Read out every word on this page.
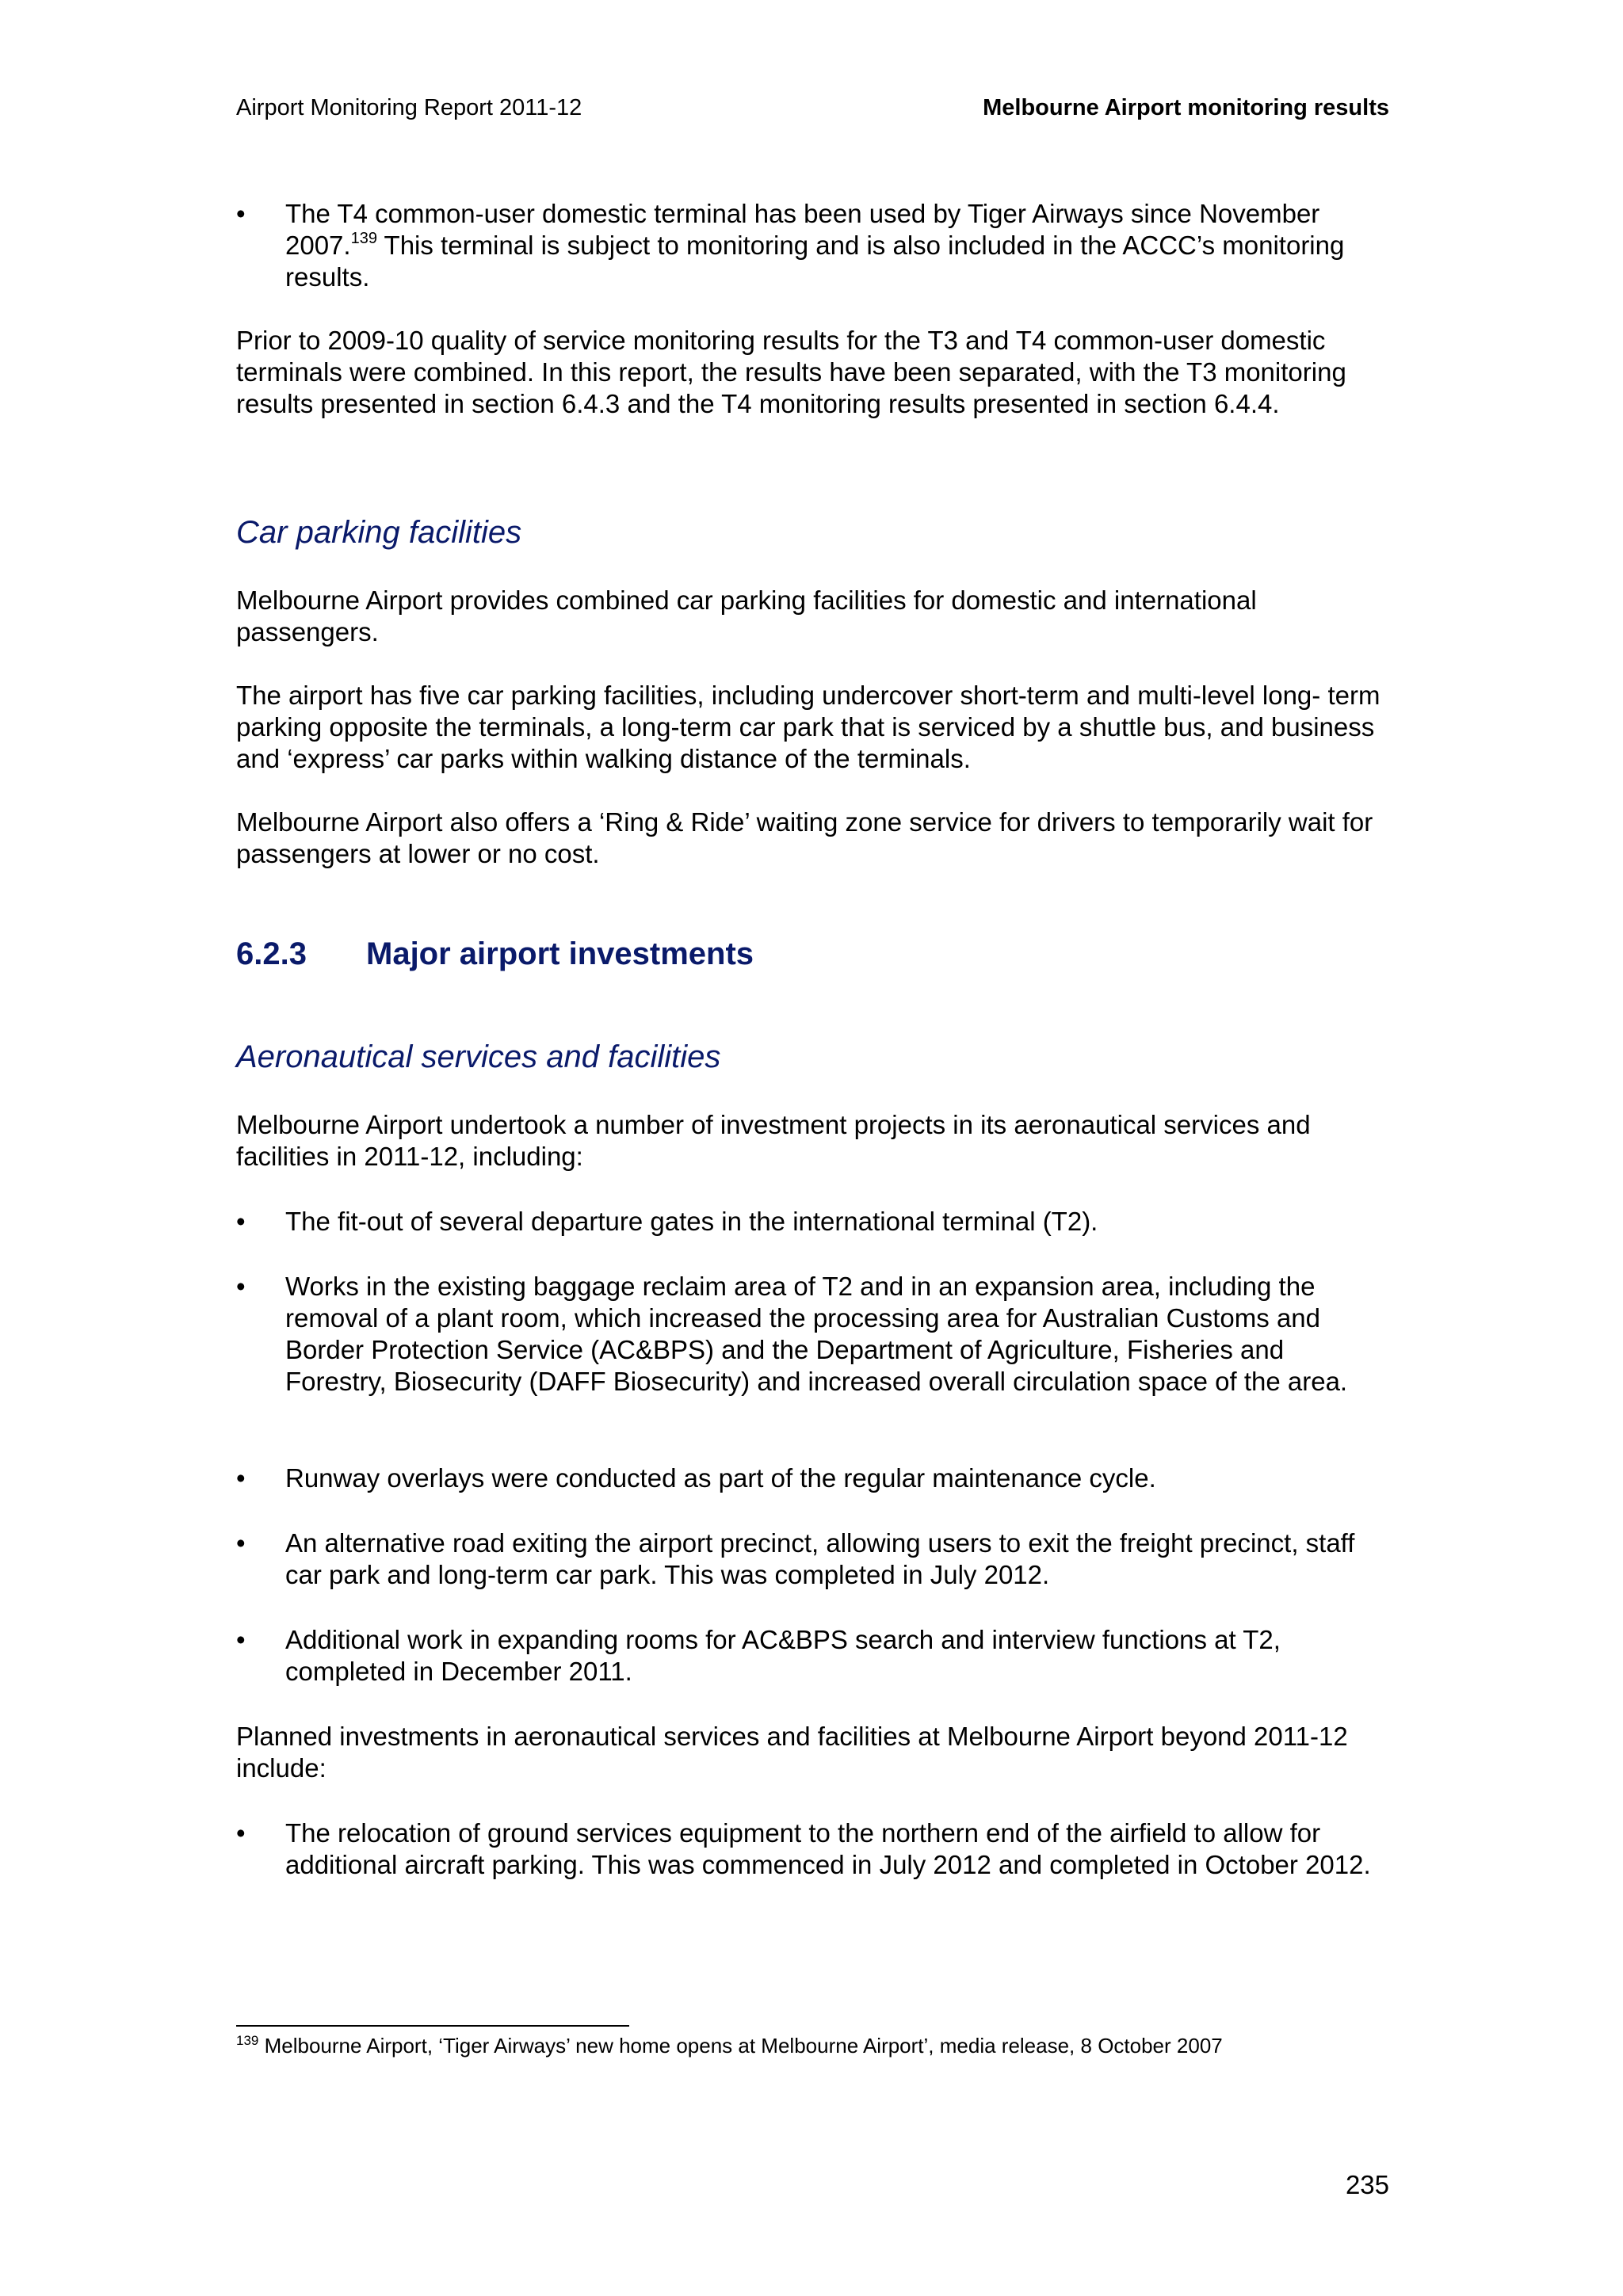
Airport Monitoring Report 2011-12	Melbourne Airport monitoring results
•	The T4 common-user domestic terminal has been used by Tiger Airways since November 2007.$^{139}$ This terminal is subject to monitoring and is also included in the ACCC’s monitoring results.

Prior to 2009-10 quality of service monitoring results for the T3 and T4 common-user domestic terminals were combined. In this report, the results have been separated, with the T3 monitoring results presented in section 6.4.3 and the T4 monitoring results presented in section 6.4.4.

Car parking facilities

Melbourne Airport provides combined car parking facilities for domestic and international passengers.

The airport has five car parking facilities, including undercover short-term and multi-level long- term parking opposite the terminals, a long-term car park that is serviced by a shuttle bus, and business and ‘express’ car parks within walking distance of the terminals.

Melbourne Airport also offers a ‘Ring & Ride’ waiting zone service for drivers to temporarily wait for passengers at lower or no cost.

6.2.3 Major airport investments
Aeronautical services and facilities

Melbourne Airport undertook a number of investment projects in its aeronautical services and facilities in 2011-12, including:

•	The fit-out of several departure gates in the international terminal (T2).
•	Works in the existing baggage reclaim area of T2 and in an expansion area, including the removal of a plant room, which increased the processing area for Australian Customs and Border Protection Service (AC&BPS) and the Department of Agriculture, Fisheries and Forestry, Biosecurity (DAFF Biosecurity) and increased overall circulation space of the area.
•	Runway overlays were conducted as part of the regular maintenance cycle.
•	An alternative road exiting the airport precinct, allowing users to exit the freight precinct, staff car park and long-term car park. This was completed in July 2012.
•	Additional work in expanding rooms for AC&BPS search and interview functions at T2, completed in December 2011.

Planned investments in aeronautical services and facilities at Melbourne Airport beyond 2011-12 include:

•	The relocation of ground services equipment to the northern end of the airfield to allow for additional aircraft parking. This was commenced in July 2012 and completed in October 2012.
$^{139}$ Melbourne Airport, ‘Tiger Airways’ new home opens at Melbourne Airport’, media release, 8 October 2007
235
